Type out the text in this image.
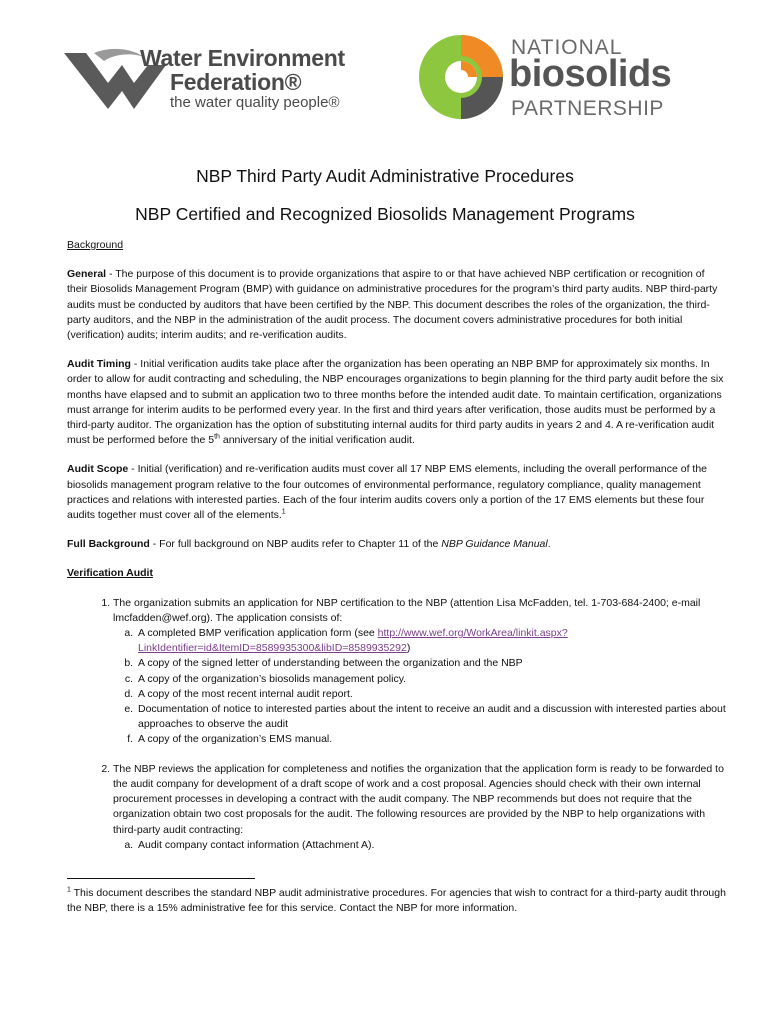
Water Environment
Federation®
the water quality people®
NATIONAL
biosolids
PARTNERSHIP
NBP Third Party Audit Administrative Procedures
NBP Certified and Recognized Biosolids Management Programs

Background

General - The purpose of this document is to provide organizations that aspire to or that have achieved NBP certification or recognition of their Biosolids Management Program (BMP) with guidance on administrative procedures for the program’s third party audits. NBP third-party audits must be conducted by auditors that have been certified by the NBP. This document describes the roles of the organization, the third-party auditors, and the NBP in the administration of the audit process. The document covers administrative procedures for both initial (verification) audits; interim audits; and re-verification audits.

Audit Timing - Initial verification audits take place after the organization has been operating an NBP BMP for approximately six months. In order to allow for audit contracting and scheduling, the NBP encourages organizations to begin planning for the third party audit before the six months have elapsed and to submit an application two to three months before the intended audit date. To maintain certification, organizations must arrange for interim audits to be performed every year. In the first and third years after verification, those audits must be performed by a third-party auditor. The organization has the option of substituting internal audits for third party audits in years 2 and 4. A re-verification audit must be performed before the 5th anniversary of the initial verification audit.

Audit Scope - Initial (verification) and re-verification audits must cover all 17 NBP EMS elements, including the overall performance of the biosolids management program relative to the four outcomes of environmental performance, regulatory compliance, quality management practices and relations with interested parties. Each of the four interim audits covers only a portion of the 17 EMS elements but these four audits together must cover all of the elements.$^1$

Full Background - For full background on NBP audits refer to Chapter 11 of the NBP Guidance Manual.

Verification Audit

1. The organization submits an application for NBP certification to the NBP (attention Lisa McFadden, tel. 1-703-684-2400; e-mail lmcfadden@wef.org). The application consists of:
a. A completed BMP verification application form (see http://www.wef.org/WorkArea/linkit.aspx?LinkIdentifier=id&ItemID=8589935300&libID=8589935292)
b. A copy of the signed letter of understanding between the organization and the NBP
c. A copy of the organization’s biosolids management policy.
d. A copy of the most recent internal audit report.
e. Documentation of notice to interested parties about the intent to receive an audit and a discussion with interested parties about approaches to observe the audit
f. A copy of the organization’s EMS manual.
2. The NBP reviews the application for completeness and notifies the organization that the application form is ready to be forwarded to the audit company for development of a draft scope of work and a cost proposal. Agencies should check with their own internal procurement processes in developing a contract with the audit company. The NBP recommends but does not require that the organization obtain two cost proposals for the audit. The following resources are provided by the NBP to help organizations with third-party audit contracting:
a. Audit company contact information (Attachment A).
$^1$ This document describes the standard NBP audit administrative procedures. For agencies that wish to contract for a third-party audit through the NBP, there is a 15% administrative fee for this service. Contact the NBP for more information.
